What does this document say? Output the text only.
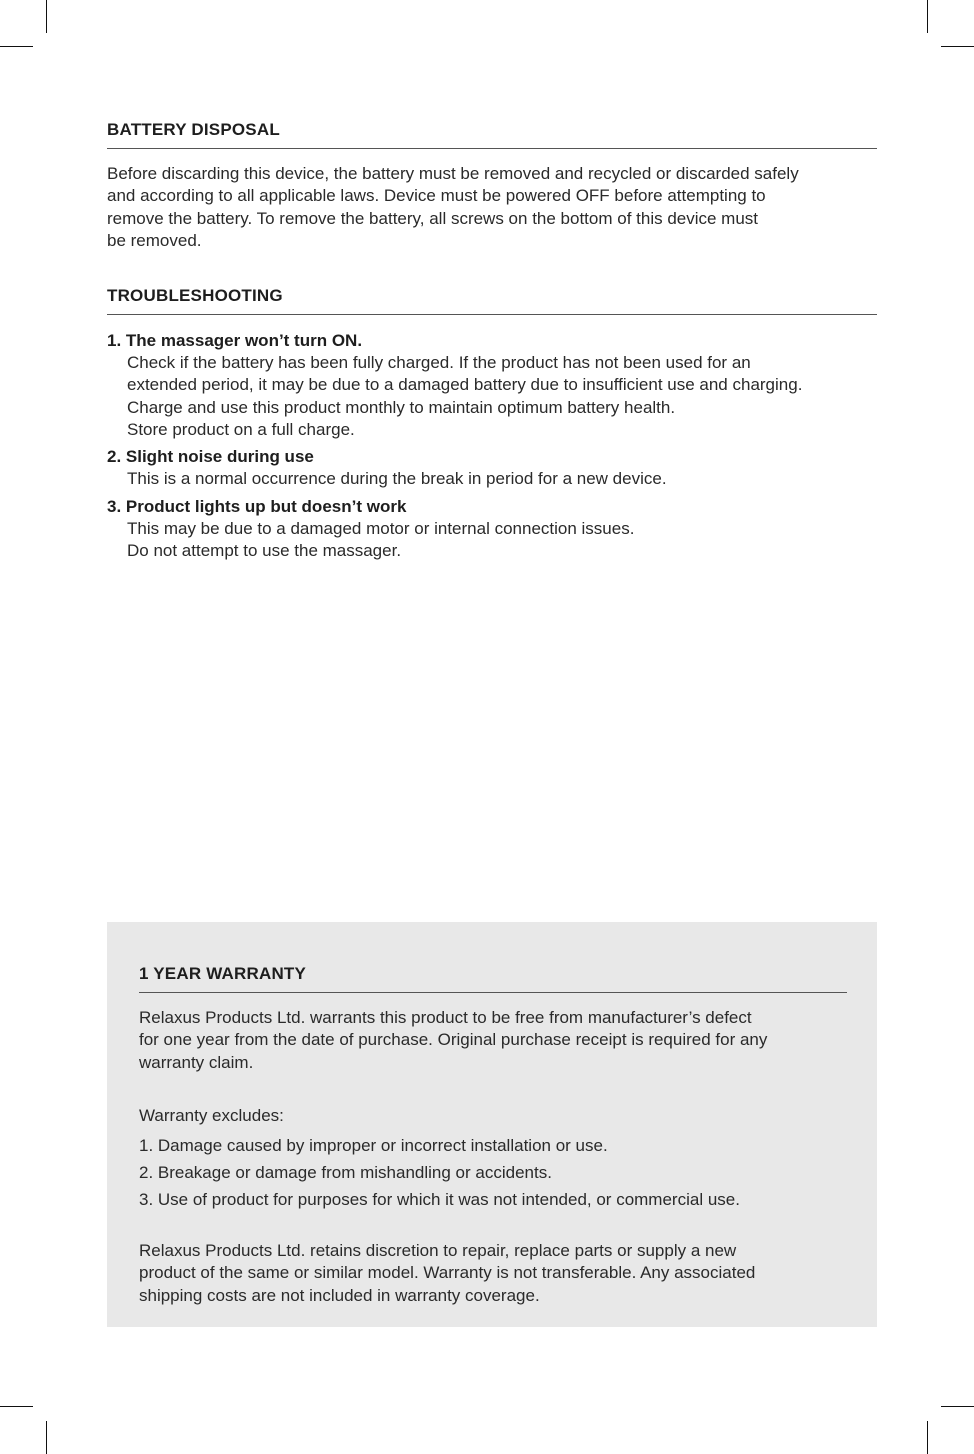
BATTERY DISPOSAL
Before discarding this device, the battery must be removed and recycled or discarded safely
and according to all applicable laws. Device must be powered OFF before attempting to
remove the battery. To remove the battery, all screws on the bottom of this device must
be removed.
TROUBLESHOOTING
1. The massager won’t turn ON.
Check if the battery has been fully charged. If the product has not been used for an
extended period, it may be due to a damaged battery due to insufficient use and charging.
Charge and use this product monthly to maintain optimum battery health.
Store product on a full charge.
2. Slight noise during use
This is a normal occurrence during the break in period for a new device.
3. Product lights up but doesn’t work
This may be due to a damaged motor or internal connection issues.
Do not attempt to use the massager.
1 YEAR WARRANTY
Relaxus Products Ltd. warrants this product to be free from manufacturer’s defect
for one year from the date of purchase. Original purchase receipt is required for any
warranty claim.
Warranty excludes:
1. Damage caused by improper or incorrect installation or use.
2. Breakage or damage from mishandling or accidents.
3. Use of product for purposes for which it was not intended, or commercial use.
Relaxus Products Ltd. retains discretion to repair, replace parts or supply a new
product of the same or similar model. Warranty is not transferable. Any associated
shipping costs are not included in warranty coverage.
